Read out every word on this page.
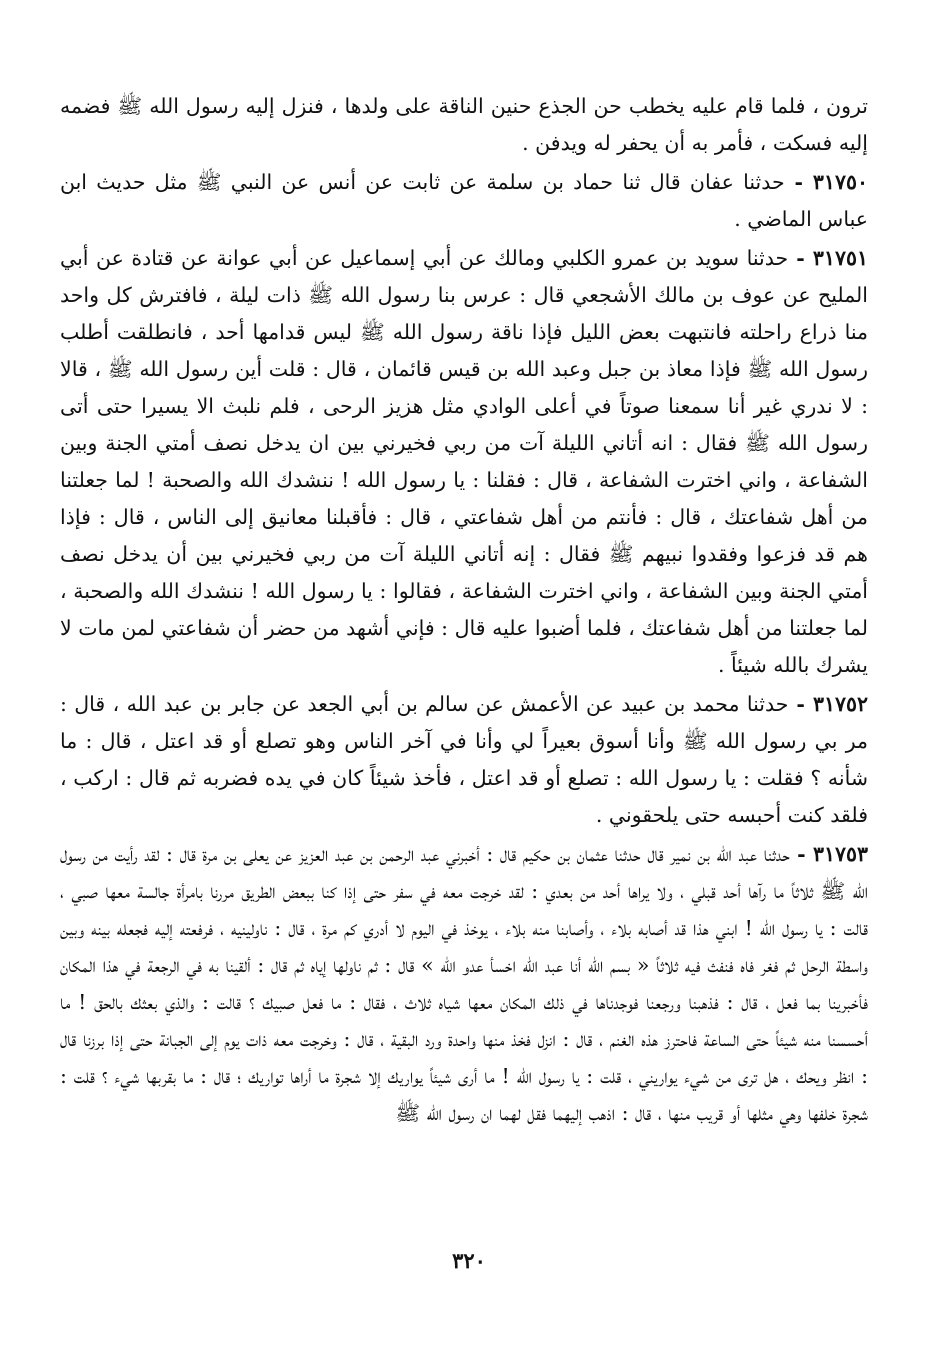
ترون ، فلما قام عليه يخطب حن الجذع حنين الناقة على ولدها ، فنزل إليه رسول الله ﷺ فضمه إليه فسكت ، فأمر به أن يحفر له ويدفن .

٣١٧٥٠ - حدثنا عفان قال ثنا حماد بن سلمة عن ثابت عن أنس عن النبي ﷺ مثل حديث ابن عباس الماضي .

٣١٧٥١ - حدثنا سويد بن عمرو الكلبي ومالك عن أبي إسماعيل عن أبي عوانة عن قتادة عن أبي المليح عن عوف بن مالك الأشجعي قال : عرس بنا رسول الله ﷺ ذات ليلة ، فافترش كل واحد منا ذراع راحلته فانتبهت بعض الليل فإذا ناقة رسول الله ﷺ ليس قدامها أحد ، فانطلقت أطلب رسول الله ﷺ فإذا معاذ بن جبل وعبد الله بن قيس قائمان ، قال : قلت أين رسول الله ﷺ ، قالا : لا ندري غير أنا سمعنا صوتاً في أعلى الوادي مثل هزيز الرحى ، فلم نلبث الا يسيرا حتى أتى رسول الله ﷺ فقال : انه أتاني الليلة آت من ربي فخيرني بين ان يدخل نصف أمتي الجنة وبين الشفاعة ، واني اخترت الشفاعة ، قال : فقلنا : يا رسول الله ! ننشدك الله والصحبة ! لما جعلتنا من أهل شفاعتك ، قال : فأنتم من أهل شفاعتي ، قال : فأقبلنا معانيق إلى الناس ، قال : فإذا هم قد فزعوا وفقدوا نبيهم ﷺ فقال : إنه أتاني الليلة آت من ربي فخيرني بين أن يدخل نصف أمتي الجنة وبين الشفاعة ، واني اخترت الشفاعة ، فقالوا : يا رسول الله ! ننشدك الله والصحبة ، لما جعلتنا من أهل شفاعتك ، فلما أضبوا عليه قال : فإني أشهد من حضر أن شفاعتي لمن مات لا يشرك بالله شيئاً .

٣١٧٥٢ - حدثنا محمد بن عبيد عن الأعمش عن سالم بن أبي الجعد عن جابر بن عبد الله ، قال : مر بي رسول الله ﷺ وأنا أسوق بعيراً لي وأنا في آخر الناس وهو تصلع أو قد اعتل ، قال : ما شأنه ؟ فقلت : يا رسول الله : تصلع أو قد اعتل ، فأخذ شيئاً كان في يده فضربه ثم قال : اركب ، فلقد كنت أحبسه حتى يلحقوني .

٣١٧٥٣ - حدثنا عبد الله بن نمير قال حدثنا عثمان بن حكيم قال : أخبرني عبد الرحمن بن عبد العزيز عن يعلى بن مرة قال : لقد رأيت من رسول الله ﷺ ثلاثاً ما رآها أحد قبلي ، ولا يراها أحد من بعدي : لقد خرجت معه في سفر حتى إذا كنا ببعض الطريق مررنا بامرأة جالسة معها صبي ، قالت : يا رسول الله ! ابني هذا قد أصابه بلاء ، وأصابنا منه بلاء ، يوخذ في اليوم لا أدري كم مرة ، قال : ناولينيه ، فرفعته إليه فجعله بينه وبين واسطة الرحل ثم فغر فاه فنفث فيه ثلاثاً « بسم الله أنا عبد الله اخسأ عدو الله » قال : ثم ناولها إياه ثم قال : ألقينا به في الرجعة في هذا المكان فأخبرينا بما فعل ، قال : فذهبنا ورجعنا فوجدناها في ذلك المكان معها شياه ثلاث ، فقال : ما فعل صبيك ؟ قالت : والذي بعثك بالحق ! ما أحسسنا منه شيئاً حتى الساعة فاحترز هذه الغنم ، قال : انزل فخذ منها واحدة ورد البقية ، قال : وخرجت معه ذات يوم إلى الجبانة حتى إذا برزنا قال : انظر ويحك ، هل ترى من شيء يواريني ، قلت : يا رسول الله ! ما أرى شيئاً يواريك إلا شجرة ما أراها تواريك ؛ قال : ما بقربها شيء ؟ قلت : شجرة خلفها وهي مثلها أو قريب منها ، قال : اذهب إليهما فقل لهما ان رسول الله ﷺ

٣٢٠
